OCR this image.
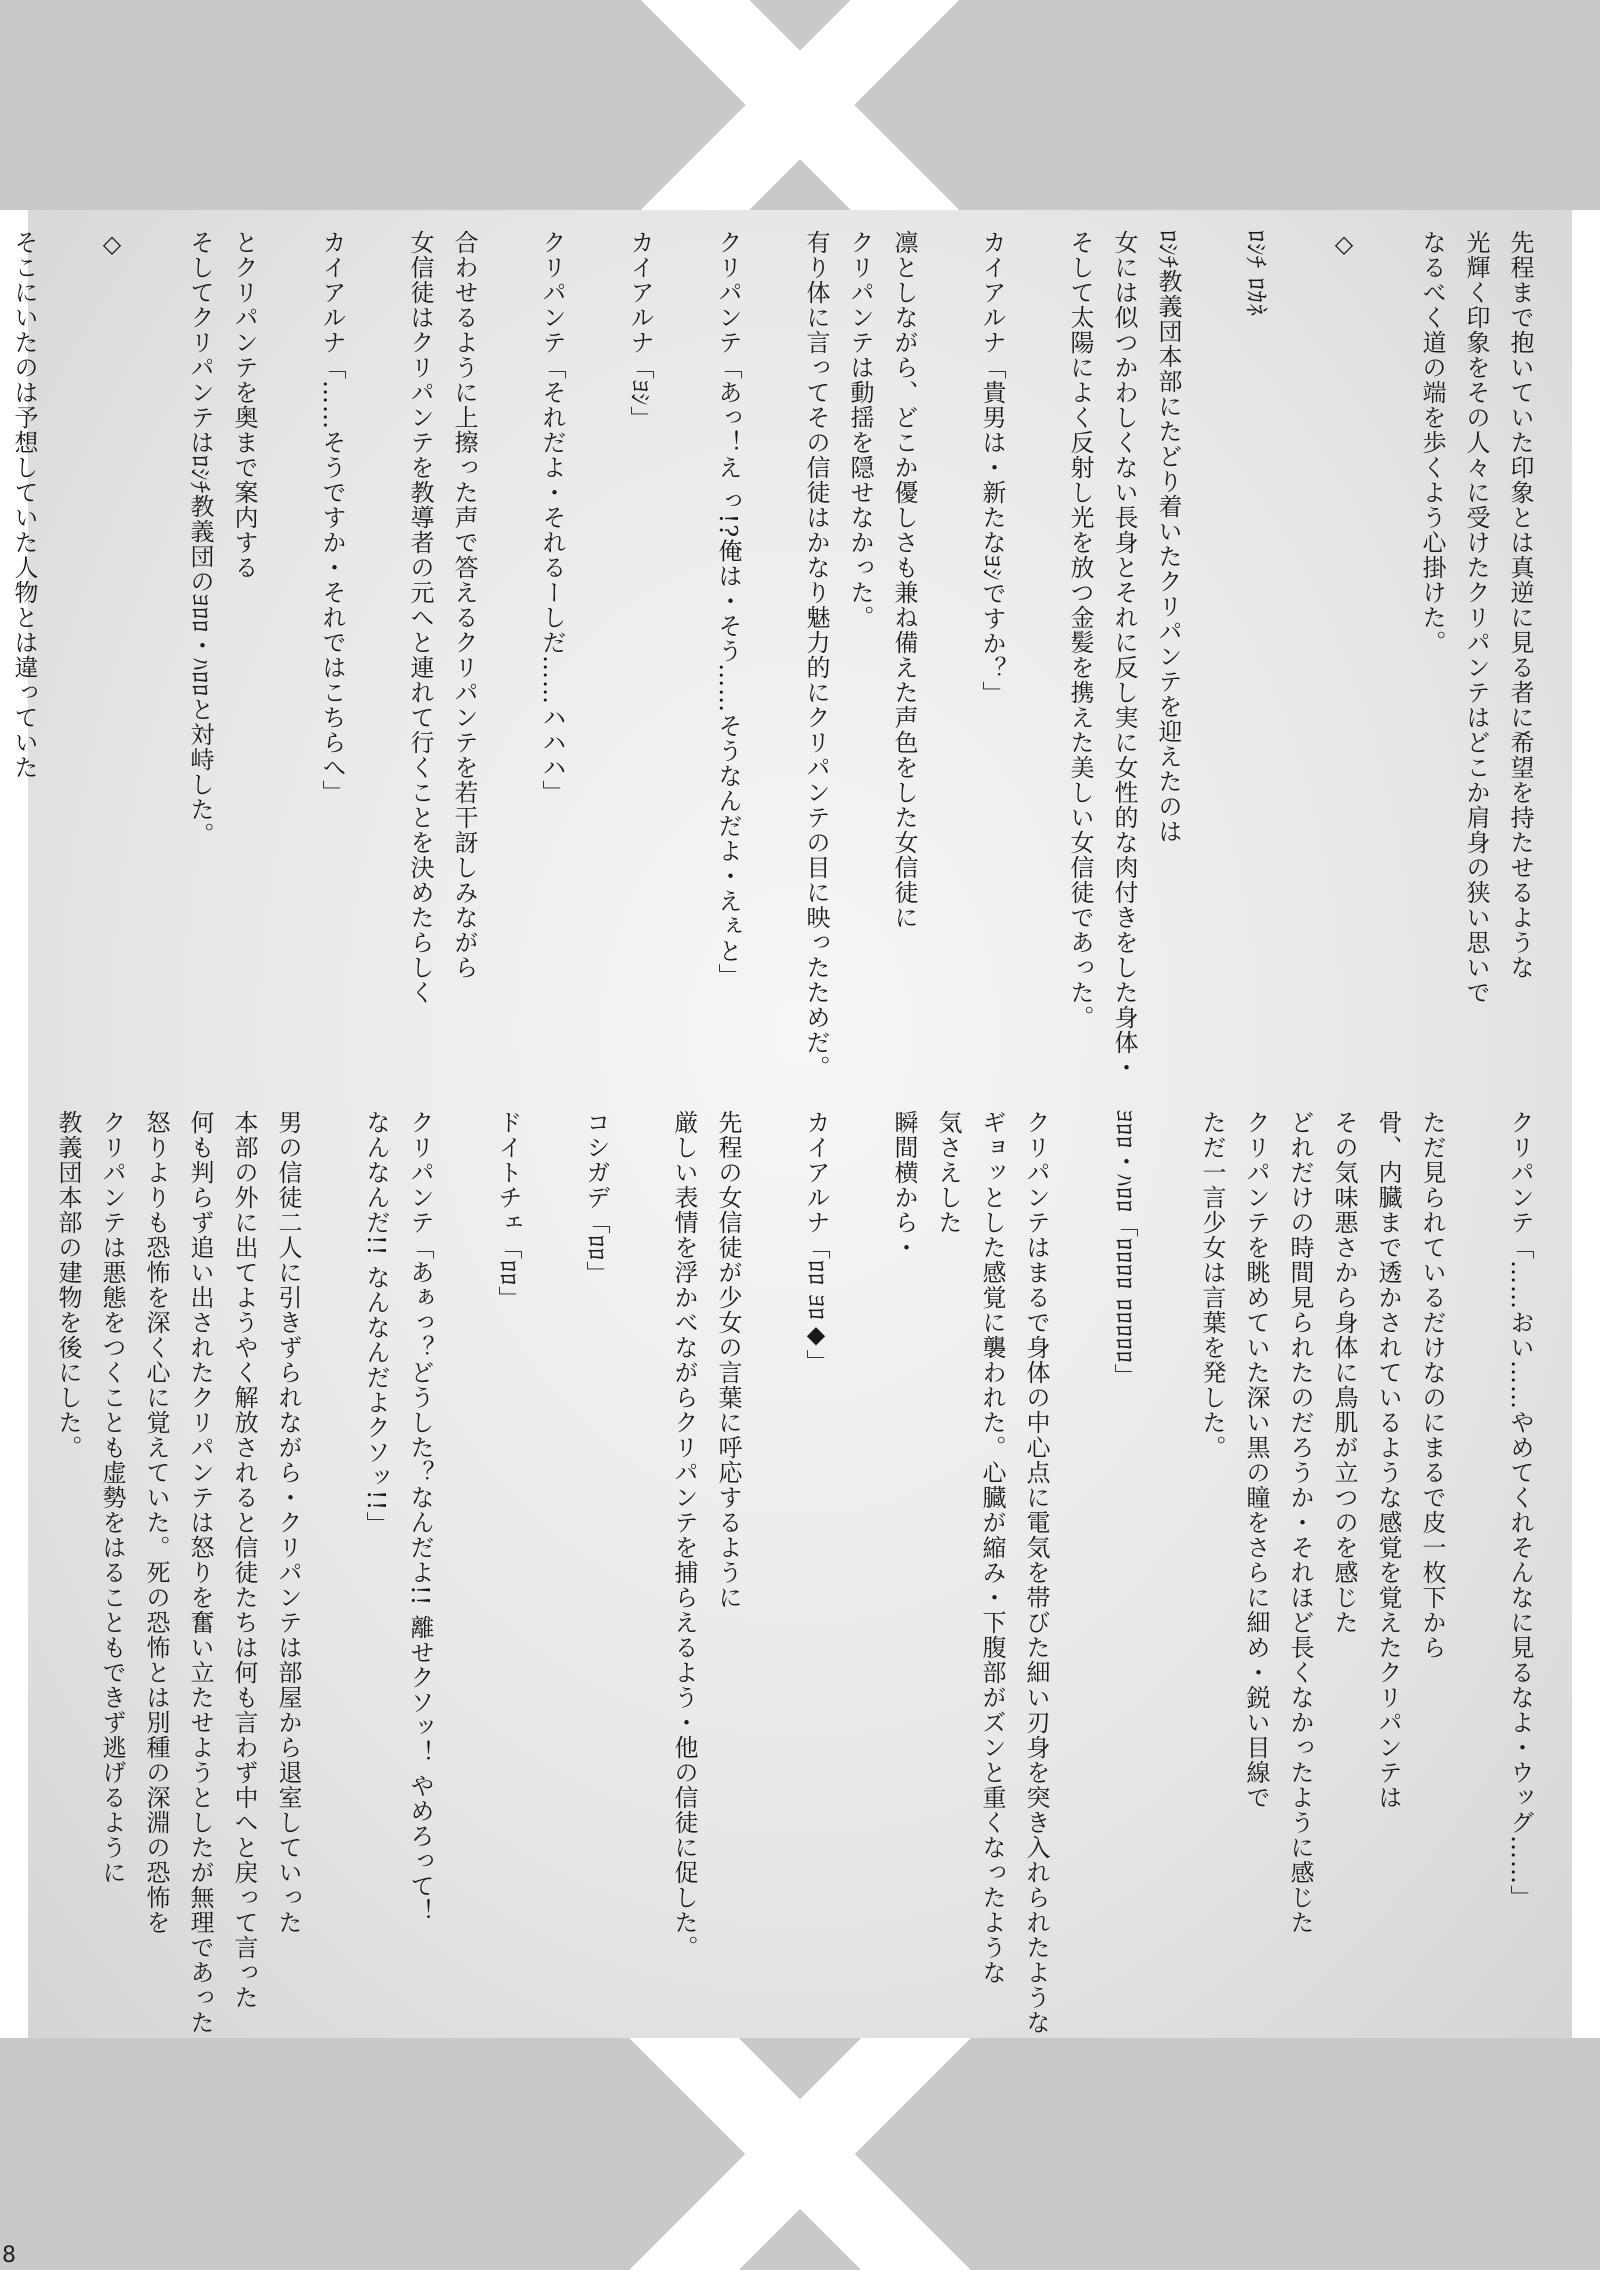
先程まで抱いていた印象とは真逆に見る者に希望を持たせるような
光輝く印象をその人々に受けたクリパンテはどこか肩身の狭い思いで
なるべく道の端を歩くよう心掛けた。

◇

ﾛｼﾁ ﾛｶﾈ

ﾛｼﾁ教義団本部にたどり着いたクリパンテを迎えたのは
女には似つかわしくない長身とそれに反し実に女性的な肉付きをした身体・
そして太陽によく反射し光を放つ金髪を携えた美しい女信徒であった。

カイアルナ「貴男は・新たなﾖｼですか？」

凛としながら、どこか優しさも兼ね備えた声色をした女信徒に
クリパンテは動揺を隠せなかった。
有り体に言ってその信徒はかなり魅力的にクリパンテの目に映ったためだ。

クリパンテ「あっ！え っ!?俺は・そう……そうなんだよ・えぇと」

カイアルナ「ﾖｼ」

クリパンテ「それだよ・それるーしだ……ハハハ」

合わせるように上擦った声で答えるクリパンテを若干訝しみながら
女信徒はクリパンテを教導者の元へと連れて行くことを決めたらしく

カイアルナ「……そうですか・それではこちらへ」

とクリパンテを奥まで案内する
そしてクリパンテはﾛｼﾁ教義団のﾖﾛﾛ・ﾊﾛﾛと対峙した。

◇

そこにいたのは予想していた人物とは違っていた
クリパンテ「……おい……やめてくれそんなに見るなよ・ウッグ……」

ただ見られているだけなのにまるで皮一枚下から
骨、内臓まで透かされているような感覚を覚えたクリパンテは
その気味悪さから身体に鳥肌が立つのを感じた
どれだけの時間見られたのだろうか・それほど長くなかったように感じた
クリパンテを眺めていた深い黒の瞳をさらに細め・鋭い目線で
ただ一言少女は言葉を発した。

ﾖﾛﾛ・ﾊﾛﾛ「ﾛﾛﾛﾛ ﾛﾛﾛﾛﾛ」

クリパンテはまるで身体の中心点に電気を帯びた細い刃身を突き入れられたような
ギョッとした感覚に襲われた。心臓が縮み・下腹部がズンと重くなったような
気さえした
瞬間横から・

カイアルナ「ﾛﾛ ﾖﾛ◆」

先程の女信徒が少女の言葉に呼応するように
厳しい表情を浮かべながらクリパンテを捕らえるよう・他の信徒に促した。

コシガデ「ﾛﾛ」

ドイトチェ「ﾛﾛ」

クリパンテ「あぁっ？どうした？なんだよ!! 離せクソッ！ やめろって！
なんなんだ!! なんなんだよクソッ!!」

男の信徒二人に引きずられながら・クリパンテは部屋から退室していった
本部の外に出てようやく解放されると信徒たちは何も言わず中へと戻って言った
何も判らず追い出されたクリパンテは怒りを奮い立たせようとしたが無理であった
怒りよりも恐怖を深く心に覚えていた。死の恐怖とは別種の深淵の恐怖を
クリパンテは悪態をつくことも虚勢をはることもできず逃げるように
教義団本部の建物を後にした。

8
